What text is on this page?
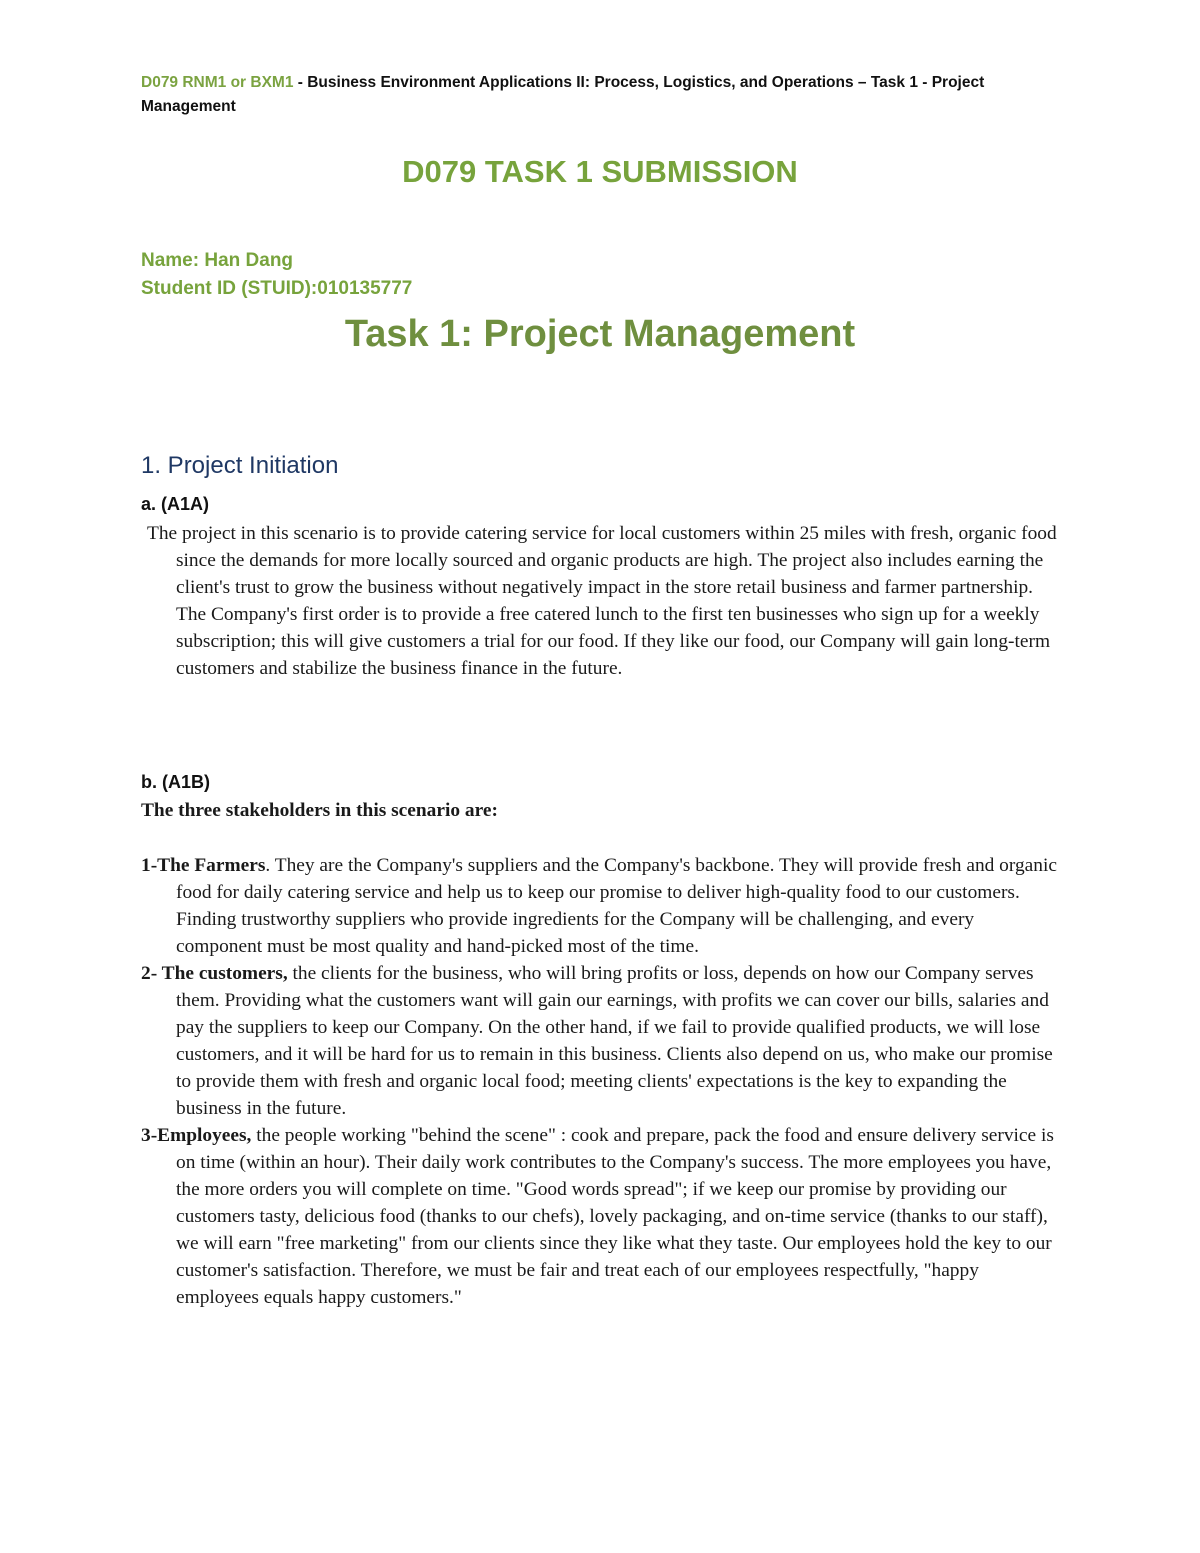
D079 RNM1 or BXM1 - Business Environment Applications II: Process, Logistics, and Operations – Task 1 - Project Management
D079 TASK 1 SUBMISSION
Name: Han Dang
Student ID (STUID):010135777
Task 1: Project Management
1. Project Initiation
a. (A1A)

The project in this scenario is to provide catering service for local customers within 25 miles with fresh, organic food since the demands for more locally sourced and organic products are high. The project also includes earning the client's trust to grow the business without negatively impact in the store retail business and farmer partnership. The Company's first order is to provide a free catered lunch to the first ten businesses who sign up for a weekly subscription; this will give customers a trial for our food. If they like our food, our Company will gain long-term customers and stabilize the business finance in the future.

b. (A1B)
The three stakeholders in this scenario are:

1-The Farmers. They are the Company's suppliers and the Company's backbone. They will provide fresh and organic food for daily catering service and help us to keep our promise to deliver high-quality food to our customers. Finding trustworthy suppliers who provide ingredients for the Company will be challenging, and every component must be most quality and hand-picked most of the time.

2- The customers, the clients for the business, who will bring profits or loss, depends on how our Company serves them. Providing what the customers want will gain our earnings, with profits we can cover our bills, salaries and pay the suppliers to keep our Company. On the other hand, if we fail to provide qualified products, we will lose customers, and it will be hard for us to remain in this business. Clients also depend on us, who make our promise to provide them with fresh and organic local food; meeting clients' expectations is the key to expanding the business in the future.

3-Employees, the people working "behind the scene" : cook and prepare, pack the food and ensure delivery service is on time (within an hour). Their daily work contributes to the Company's success. The more employees you have, the more orders you will complete on time. "Good words spread"; if we keep our promise by providing our customers tasty, delicious food (thanks to our chefs), lovely packaging, and on-time service (thanks to our staff), we will earn "free marketing" from our clients since they like what they taste. Our employees hold the key to our customer's satisfaction. Therefore, we must be fair and treat each of our employees respectfully, "happy employees equals happy customers."
